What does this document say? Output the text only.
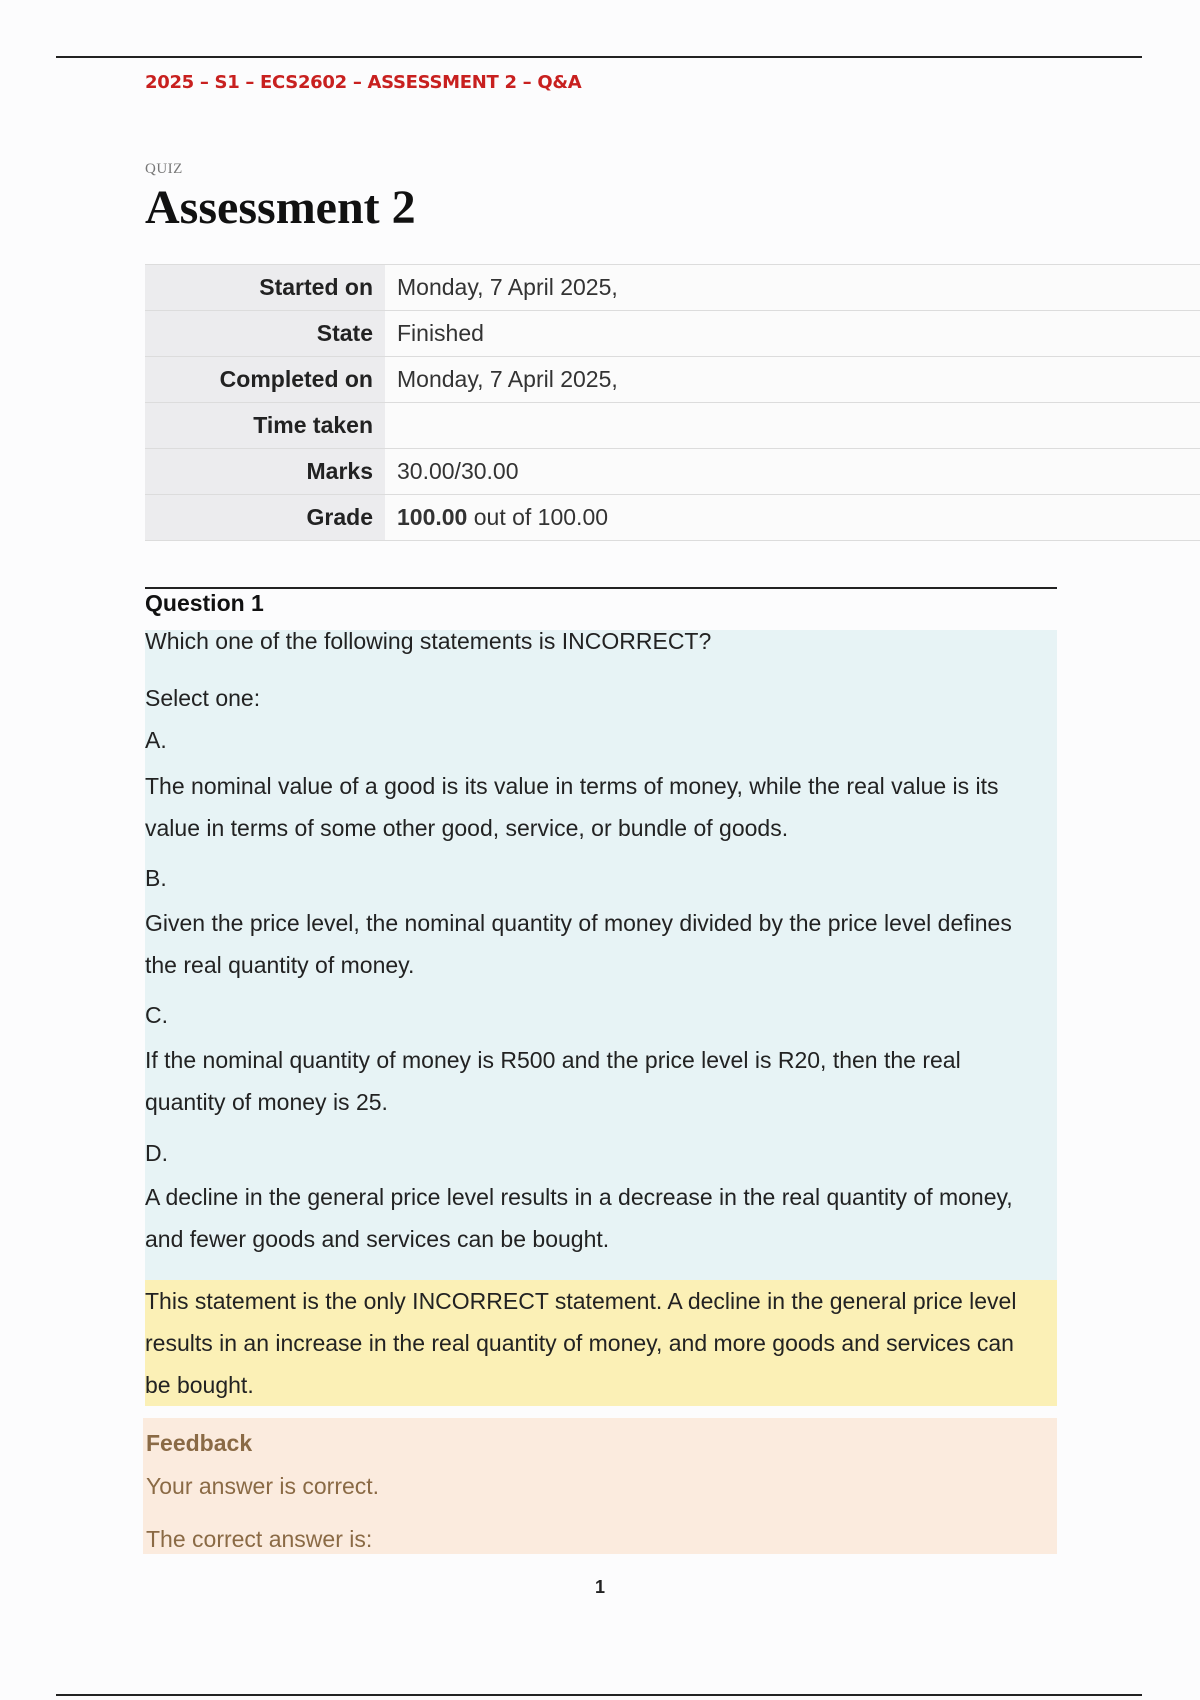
2025 – S1 – ECS2602 – ASSESSMENT 2 – Q&A
QUIZ
Assessment 2
Started on	Monday, 7 April 2025,
State	Finished
Completed on	Monday, 7 April 2025,
Time taken	
Marks	30.00/30.00
Grade	100.00 out of 100.00
Question 1
Which one of the following statements is INCORRECT?
Select one:
A.
The nominal value of a good is its value in terms of money, while the real value is its value in terms of some other good, service, or bundle of goods.
B.
Given the price level, the nominal quantity of money divided by the price level defines the real quantity of money.
C.
If the nominal quantity of money is R500 and the price level is R20, then the real quantity of money is 25.
D.
A decline in the general price level results in a decrease in the real quantity of money, and fewer goods and services can be bought.
This statement is the only INCORRECT statement. A decline in the general price level results in an increase in the real quantity of money, and more goods and services can be bought.
Feedback
Your answer is correct.
The correct answer is:
1
